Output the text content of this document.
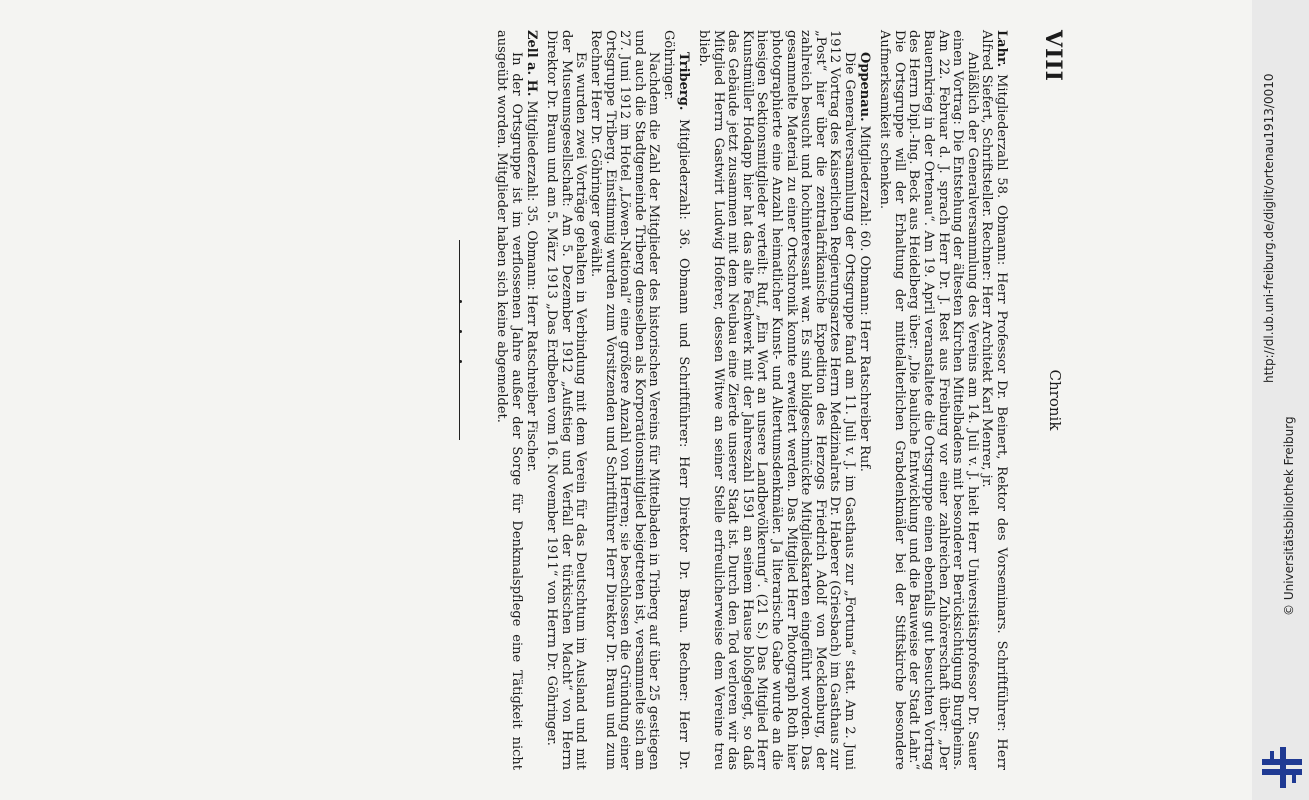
VIII
Chronik

Lahr. Mitgliederzahl 58. Obmann: Herr Professor Dr. Beinert, Rektor des Vorseminars. Schriftführer: Herr Alfred Siefert, Schriftsteller. Rechner: Herr Architekt Karl Menrer, jr.

Anläßlich der Generalversammlung des Vereins am 14. Juli v. J. hielt Herr Universitätsprofessor Dr. Sauer einen Vortrag: Die Entstehung der ältesten Kirchen Mittelbadens mit besonderer Berücksichtigung Burgheims. Am 22. Februar d. J. sprach Herr Dr. J. Rest aus Freiburg vor einer zahlreichen Zuhörerschaft über: „Der Bauernkrieg in der Ortenau“. Am 19. April veranstaltete die Ortsgruppe einen ebenfalls gut besuchten Vortrag des Herrn Dipl.-Ing. Beck aus Heidelberg über: „Die bauliche Entwicklung und die Bauweise der Stadt Lahr.“ Die Ortsgruppe will der Erhaltung der mittelalterlichen Grabdenkmäler bei der Stiftskirche besondere Aufmerksamkeit schenken.

Oppenau. Mitgliederzahl: 60. Obmann: Herr Ratschreiber Ruf.

Die Generalversammlung der Ortsgruppe fand am 11. Juli v. J. im Gasthaus zur „Fortuna“ statt. Am 2. Juni 1912 Vortrag des Kaiserlichen Regierungsarztes Herrn Medizinalrats Dr. Haberer (Griesbach) im Gasthaus zur „Post“ hier über die zentralafrikanische Expedition des Herzogs Friedrich Adolf von Mecklenburg, der zahlreich besucht und hochinteressant war. Es sind bildgeschmückte Mitgliedskarten eingeführt worden. Das gesammelte Material zu einer Ortschronik konnte erweitert werden. Das Mitglied Herr Photograph Roth hier photographierte eine Anzahl heimatlicher Kunst- und Altertumsdenkmäler. Ja literarische Gabe wurde an die hiesigen Sektionsmitglieder verteilt: Ruf, „Ein Wort an unsere Landbevölkerung“. (21 S.) Das Mitglied Herr Kunstmüller Hodapp hier hat das alte Fachwerk mit der Jahreszahl 1591 an seinem Hause bloßgelegt, so daß das Gebäude jetzt zusammen mit dem Neubau eine Zierde unserer Stadt ist. Durch den Tod verloren wir das Mitglied Herrn Gastwirt Ludwig Hoferer, dessen Witwe an seiner Stelle erfreulicherweise dem Vereine treu blieb.

Triberg. Mitgliederzahl: 36. Obmann und Schriftführer: Herr Direktor Dr. Braun. Rechner: Herr Dr. Göhringer.

Nachdem die Zahl der Mitglieder des historischen Vereins für Mittelbaden in Triberg auf über 25 gestiegen und auch die Stadtgemeinde Triberg demselben als Korporationsmitglied beigetreten ist, versammelte sich am 27. Juni 1912 im Hotel „Löwen-National“ eine größere Anzahl von Herren; sie beschlossen die Gründung einer Ortsgruppe Triberg. Einstimmig wurden zum Vorsitzenden und Schriftführer Herr Direktor Dr. Braun und zum Rechner Herr Dr. Göhringer gewählt.

Es wurden zwei Vorträge gehalten in Verbindung mit dem Verein für das Deutschtum im Ausland und mit der Museumsgesellschaft: Am 5. Dezember 1912 „Aufstieg und Verfall der türkischen Macht“ von Herrn Direktor Dr. Braun und am 5. März 1913 „Das Erdbeben vom 16. November 1911“ von Herrn Dr. Göhringer.

Zell a. H. Mitgliederzahl: 35. Obmann: Herr Ratschreiber Fischer.

In der Ortsgruppe ist im verflossenen Jahre außer der Sorge für Denkmalspflege eine Tätigkeit nicht ausgeübt worden. Mitglieder haben sich keine abgemeldet.	http://dl.ub.uni-freiburg.de/diglit/ortenau1913/0010
© Universitätsbibliothek Freiburg
